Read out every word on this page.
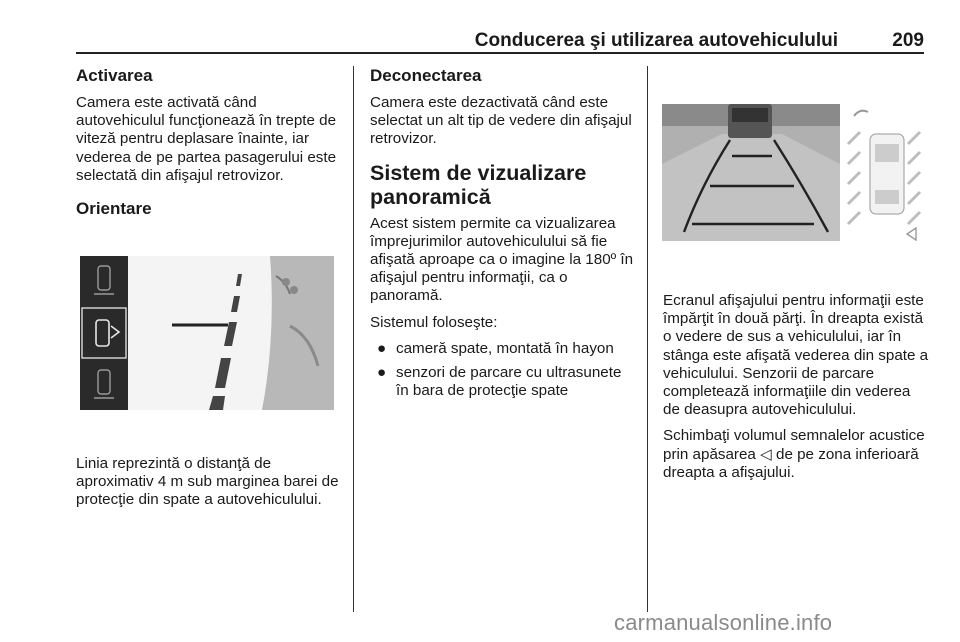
Conducerea şi utilizarea autovehiculului	209
Activarea

Camera este activată când autovehiculul funcţionează în trepte de viteză pentru deplasare înainte, iar vederea de pe partea pasagerului este selectată din afişajul retrovizor.

Orientare

Linia reprezintă o distanţă de aproximativ 4 m sub marginea barei de protecţie din spate a autovehiculului.

Deconectarea

Camera este dezactivată când este selectat un alt tip de vedere din afişajul retrovizor.

Sistem de vizualizare panoramică

Acest sistem permite ca vizualizarea împrejurimilor autovehiculului să fie afişată aproape ca o imagine la 180º în afişajul pentru informaţii, ca o panoramă.

Sistemul foloseşte:

● cameră spate, montată în hayon
● senzori de parcare cu ultrasunete în bara de protecţie spate

Ecranul afişajului pentru informaţii este împărţit în două părţi. În dreapta există o vedere de sus a vehiculului, iar în stânga este afişată vederea din spate a vehiculului. Senzorii de parcare completează informaţiile din vederea de deasupra autovehiculului.

Schimbaţi volumul semnalelor acustice prin apăsarea ◁ de pe zona inferioară dreapta a afişajului.

carmanualsonline.info
